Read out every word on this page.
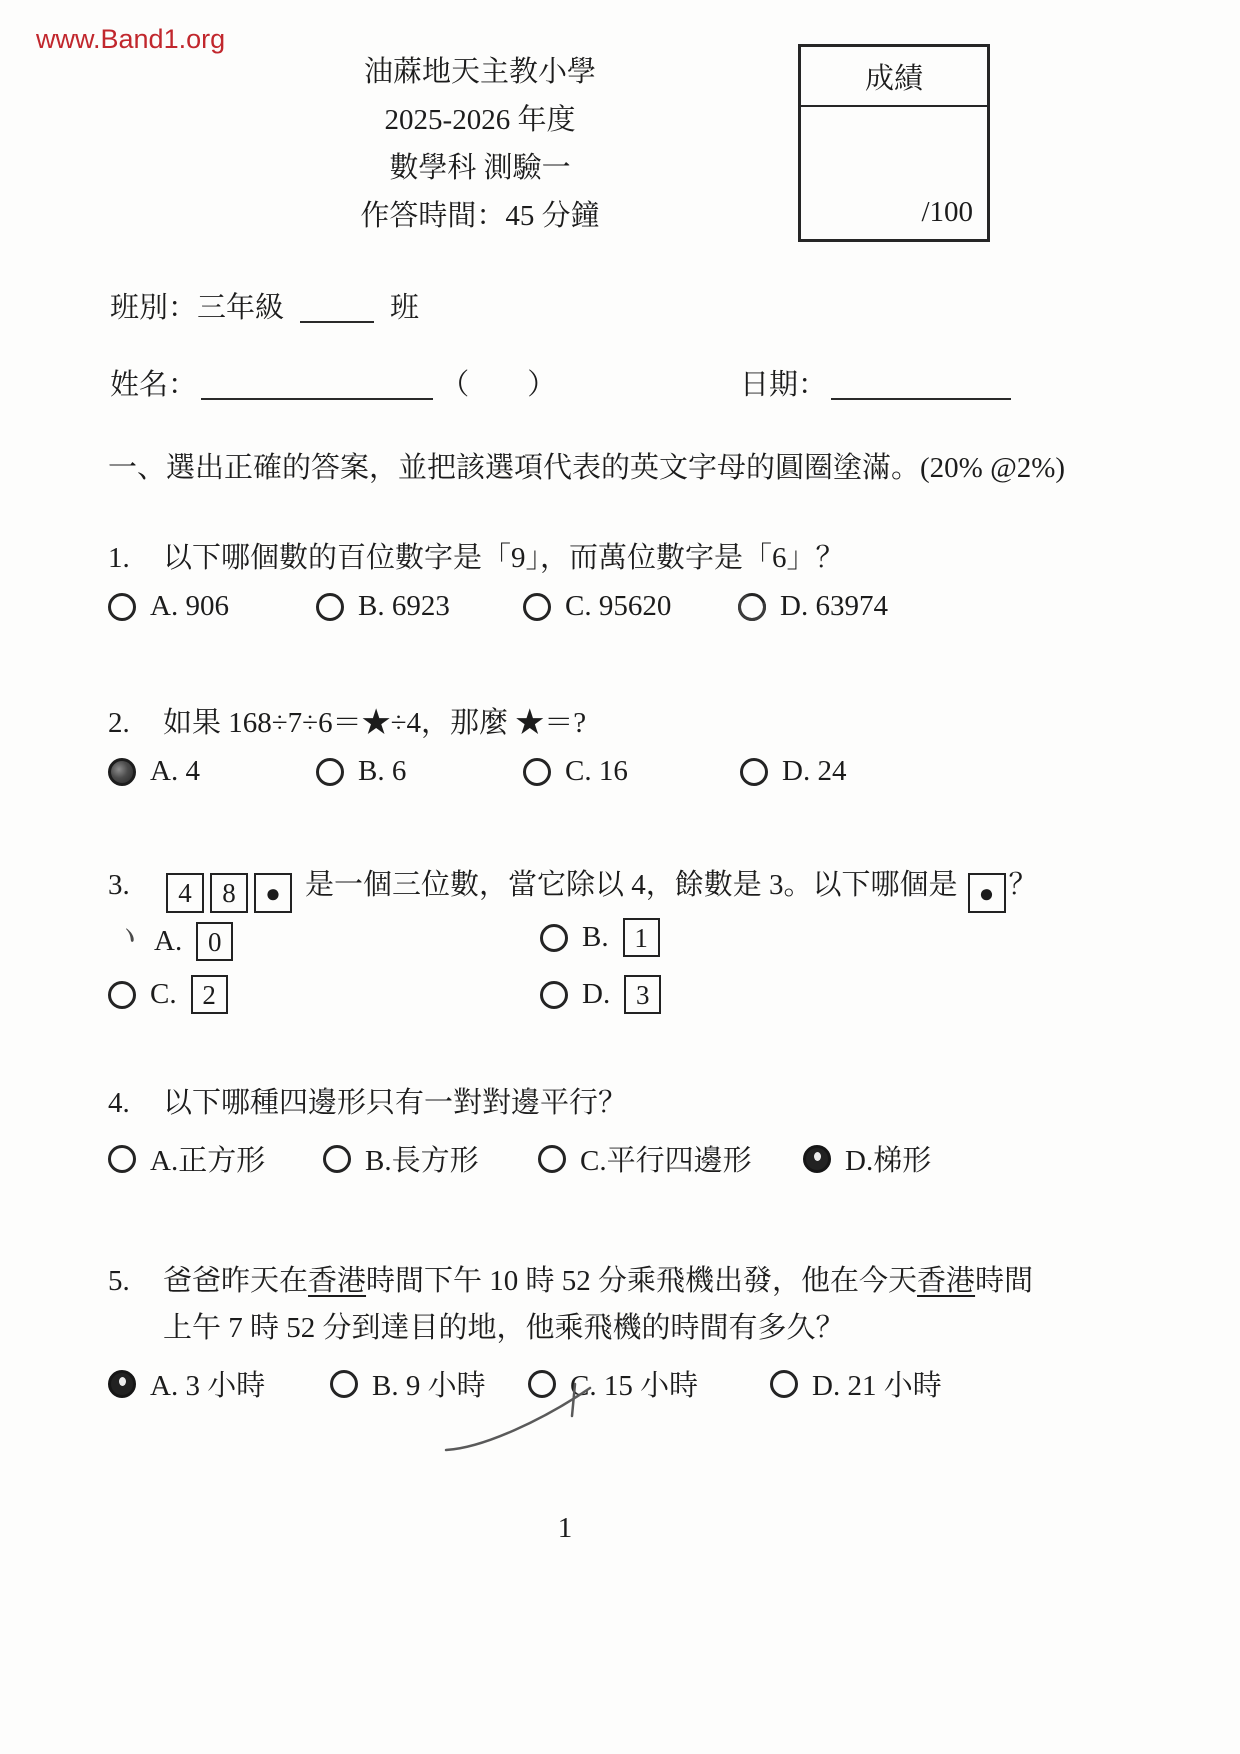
www.Band1.org
油蔴地天主教小學
2025-2026 年度
數學科 測驗一
作答時間：45 分鐘
成績
/100
班別：三年級	班
姓名：	（ ）	日期：
一、選出正確的答案，並把該選項代表的英文字母的圓圈塗滿。(20% @2%)
1. 以下哪個數的百位數字是「9」，而萬位數字是「6」？
A. 906	B. 6923	C. 95620	D. 63974
2. 如果 168÷7÷6＝★÷4，那麼 ★＝?
A. 4	B. 6	C. 16	D. 24
3. 4 8 ● 是一個三位數，當它除以 4，餘數是 3。以下哪個是 ● ？
ヽ A. 0	B. 1
C. 2	D. 3
4. 以下哪種四邊形只有一對對邊平行？
A.正方形	B.長方形	C.平行四邊形	D.梯形
5. 爸爸昨天在香港時間下午 10 時 52 分乘飛機出發，他在今天香港時間
上午 7 時 52 分到達目的地，他乘飛機的時間有多久？
A. 3 小時	B. 9 小時	C. 15 小時	D. 21 小時
1
